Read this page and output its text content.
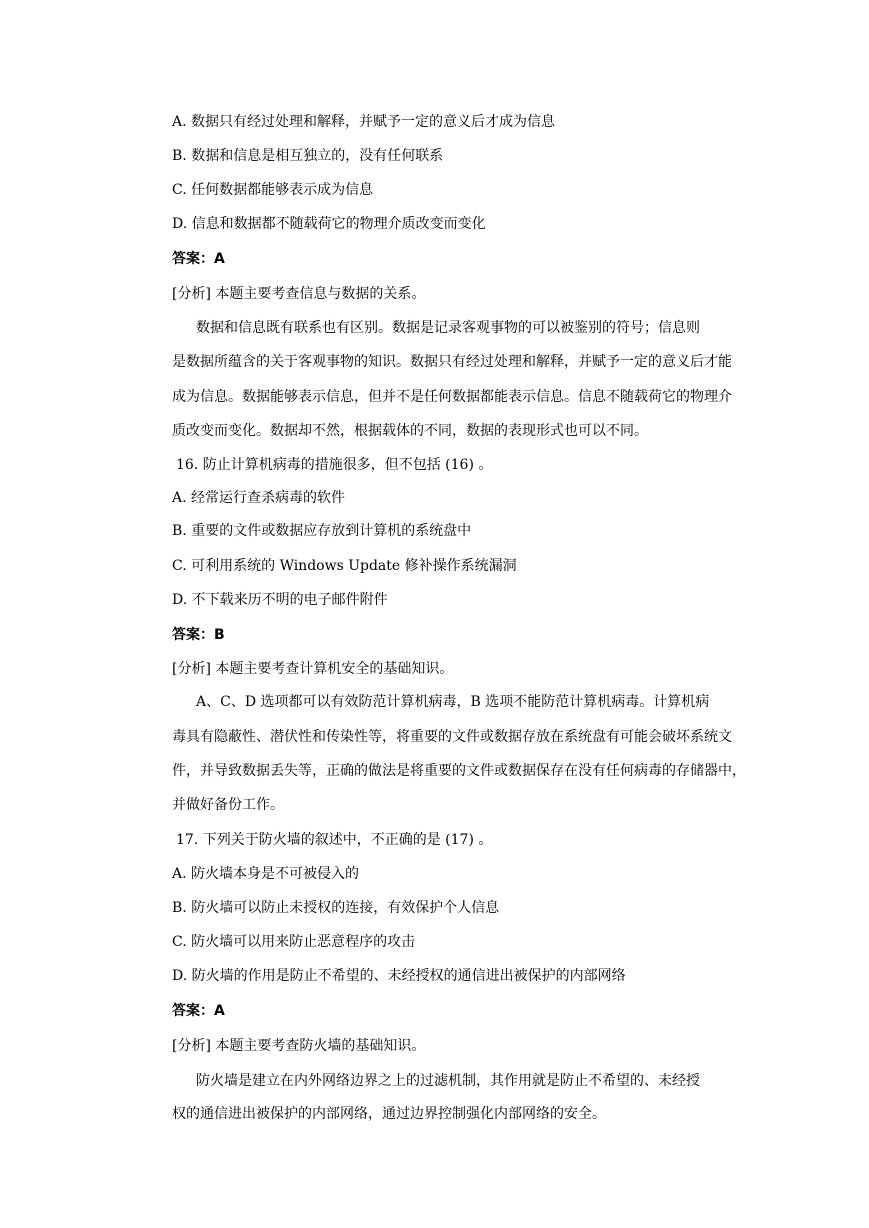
A. 数据只有经过处理和解释，并赋予一定的意义后才成为信息
B. 数据和信息是相互独立的，没有任何联系
C. 任何数据都能够表示成为信息
D. 信息和数据都不随载荷它的物理介质改变而变化
答案：A
[分析] 本题主要考查信息与数据的关系。
数据和信息既有联系也有区别。数据是记录客观事物的可以被鉴别的符号；信息则
是数据所蕴含的关于客观事物的知识。数据只有经过处理和解释，并赋予一定的意义后才能
成为信息。数据能够表示信息，但并不是任何数据都能表示信息。信息不随载荷它的物理介
质改变而变化。数据却不然，根据载体的不同，数据的表现形式也可以不同。
16. 防止计算机病毒的措施很多，但不包括 (16) 。
A. 经常运行查杀病毒的软件
B. 重要的文件或数据应存放到计算机的系统盘中
C. 可利用系统的 Windows Update 修补操作系统漏洞
D. 不下载来历不明的电子邮件附件
答案：B
[分析] 本题主要考查计算机安全的基础知识。
A、C、D 选项都可以有效防范计算机病毒，B 选项不能防范计算机病毒。计算机病
毒具有隐蔽性、潜伏性和传染性等，将重要的文件或数据存放在系统盘有可能会破坏系统文
件，并导致数据丢失等，正确的做法是将重要的文件或数据保存在没有任何病毒的存储器中，
并做好备份工作。
17. 下列关于防火墙的叙述中，不正确的是 (17) 。
A. 防火墙本身是不可被侵入的
B. 防火墙可以防止未授权的连接，有效保护个人信息
C. 防火墙可以用来防止恶意程序的攻击
D. 防火墙的作用是防止不希望的、未经授权的通信进出被保护的内部网络
答案：A
[分析] 本题主要考查防火墙的基础知识。
防火墙是建立在内外网络边界之上的过滤机制，其作用就是防止不希望的、未经授
权的通信进出被保护的内部网络，通过边界控制强化内部网络的安全。
